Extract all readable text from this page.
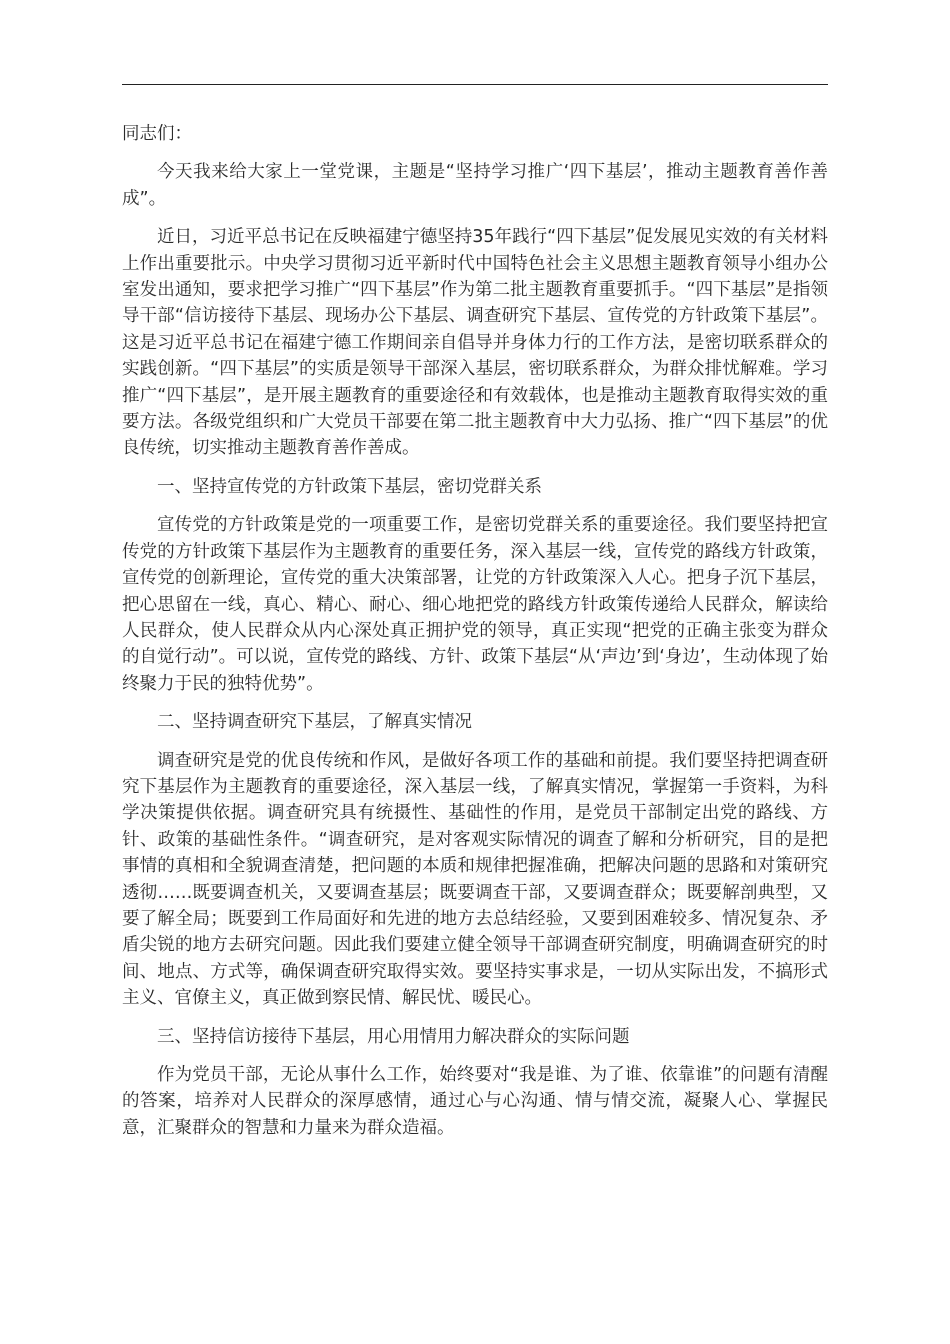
同志们：

今天我来给大家上一堂党课，主题是“坚持学习推广‘四下基层’，推动主题教育善作善成”。

近日，习近平总书记在反映福建宁德坚持35年践行“四下基层”促发展见实效的有关材料上作出重要批示。中央学习贯彻习近平新时代中国特色社会主义思想主题教育领导小组办公室发出通知，要求把学习推广“四下基层”作为第二批主题教育重要抓手。“四下基层”是指领导干部“信访接待下基层、现场办公下基层、调查研究下基层、宣传党的方针政策下基层”。这是习近平总书记在福建宁德工作期间亲自倡导并身体力行的工作方法，是密切联系群众的实践创新。“四下基层”的实质是领导干部深入基层，密切联系群众，为群众排忧解难。学习推广“四下基层”，是开展主题教育的重要途径和有效载体，也是推动主题教育取得实效的重要方法。各级党组织和广大党员干部要在第二批主题教育中大力弘扬、推广“四下基层”的优良传统，切实推动主题教育善作善成。

一、坚持宣传党的方针政策下基层，密切党群关系

宣传党的方针政策是党的一项重要工作，是密切党群关系的重要途径。我们要坚持把宣传党的方针政策下基层作为主题教育的重要任务，深入基层一线，宣传党的路线方针政策，宣传党的创新理论，宣传党的重大决策部署，让党的方针政策深入人心。把身子沉下基层，把心思留在一线，真心、精心、耐心、细心地把党的路线方针政策传递给人民群众，解读给人民群众，使人民群众从内心深处真正拥护党的领导，真正实现“把党的正确主张变为群众的自觉行动”。可以说，宣传党的路线、方针、政策下基层“从‘声边’到‘身边’，生动体现了始终聚力于民的独特优势”。

二、坚持调查研究下基层，了解真实情况

调查研究是党的优良传统和作风，是做好各项工作的基础和前提。我们要坚持把调查研究下基层作为主题教育的重要途径，深入基层一线，了解真实情况，掌握第一手资料，为科学决策提供依据。调查研究具有统摄性、基础性的作用，是党员干部制定出党的路线、方针、政策的基础性条件。“调查研究，是对客观实际情况的调查了解和分析研究，目的是把事情的真相和全貌调查清楚，把问题的本质和规律把握准确，把解决问题的思路和对策研究透彻……既要调查机关，又要调查基层；既要调查干部，又要调查群众；既要解剖典型，又要了解全局；既要到工作局面好和先进的地方去总结经验，又要到困难较多、情况复杂、矛盾尖锐的地方去研究问题。因此我们要建立健全领导干部调查研究制度，明确调查研究的时间、地点、方式等，确保调查研究取得实效。要坚持实事求是，一切从实际出发，不搞形式主义、官僚主义，真正做到察民情、解民忧、暖民心。

三、坚持信访接待下基层，用心用情用力解决群众的实际问题

作为党员干部，无论从事什么工作，始终要对“我是谁、为了谁、依靠谁”的问题有清醒的答案，培养对人民群众的深厚感情，通过心与心沟通、情与情交流，凝聚人心、掌握民意，汇聚群众的智慧和力量来为群众造福。
